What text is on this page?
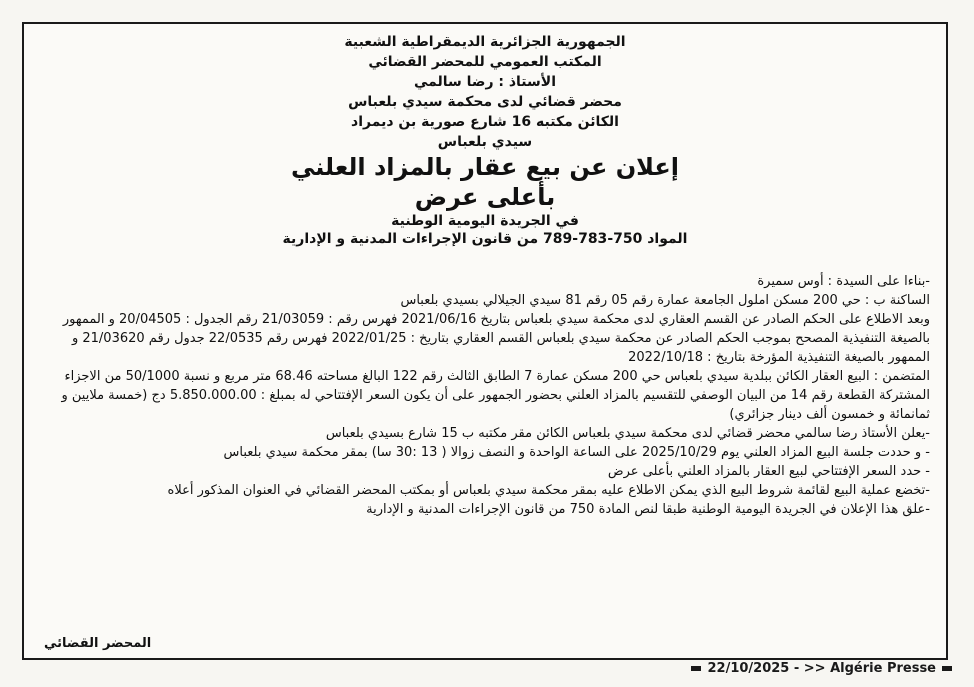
الجمهورية الجزائرية الديمقراطية الشعبية

المكتب العمومي للمحضر القضائي

الأستاذ : رضا سالمي

محضر قضائي لدى محكمة سيدي بلعباس

الكائن مكتبه 16 شارع صورية بن ديمراد

سيدي بلعباس

إعلان عن بيع عقار بالمزاد العلني

بأعلى عرض

في الجريدة اليومية الوطنية

المواد 750-783-789 من قانون الإجراءات المدنية و الإدارية

-بناءا على السيدة : أوس سميرة

الساكنة ب : حي 200 مسكن املول الجامعة عمارة رقم 05 رقم 81 سيدي الجيلالي بسيدي بلعباس

وبعد الاطلاع على الحكم الصادر عن القسم العقاري لدى محكمة سيدي بلعباس بتاريخ 2021/06/16 فهرس رقم : 21/03059 رقم الجدول : 20/04505 و الممهور بالصيغة التنفيذية المصحح بموجب الحكم الصادر عن محكمة سيدي بلعباس القسم العقاري بتاريخ : 2022/01/25 فهرس رقم 22/0535 جدول رقم 21/03620 و الممهور بالصيغة التنفيذية المؤرخة بتاريخ : 2022/10/18

المتضمن : البيع العقار الكائن ببلدية سيدي بلعباس حي 200 مسكن عمارة 7 الطابق الثالث رقم 122 البالغ مساحته 68.46 متر مربع و نسبة 50/1000 من الاجزاء المشتركة القطعة رقم 14 من البيان الوصفي للتقسيم بالمزاد العلني بحضور الجمهور على أن يكون السعر الإفتتاحي له بمبلغ : 5.850.000.00 دج (خمسة ملايين و ثمانمائة و خمسون ألف دينار جزائري)

-يعلن الأستاذ رضا سالمي محضر قضائي لدى محكمة سيدي بلعباس الكائن مقر مكتبه ب 15 شارع بسيدي بلعباس

- و حددت جلسة البيع المزاد العلني يوم 2025/10/29 على الساعة الواحدة و النصف زوالا ( 13 :30 سا) بمقر محكمة سيدي بلعباس

- حدد السعر الإفتتاحي لبيع العقار بالمزاد العلني بأعلى عرض

-تخضع عملية البيع لقائمة شروط البيع الذي يمكن الاطلاع عليه بمقر محكمة سيدي بلعباس أو بمكتب المحضر القضائي في العنوان المذكور أعلاه

-علق هذا الإعلان في الجريدة اليومية الوطنية طبقا لنص المادة 750 من قانون الإجراءات المدنية و الإدارية

المحضر القضائي
22/10/2025 - >> Algérie Presse
